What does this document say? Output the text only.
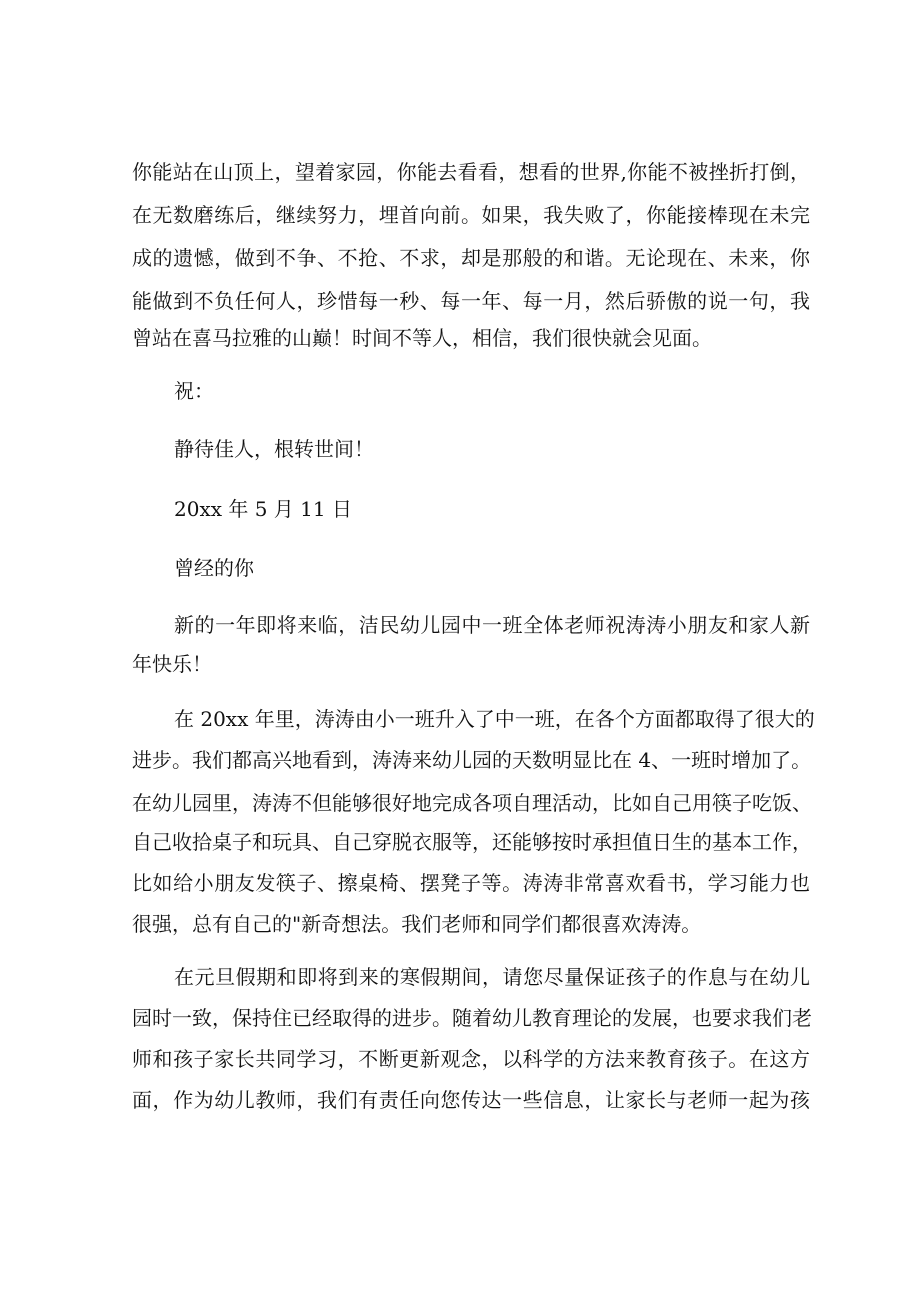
你能站在山顶上，望着家园，你能去看看，想看的世界,你能不被挫折打倒，
在无数磨练后，继续努力，埋首向前。如果，我失败了，你能接棒现在未完
成的遗憾，做到不争、不抢、不求，却是那般的和谐。无论现在、未来，你
能做到不负任何人，珍惜每一秒、每一年、每一月，然后骄傲的说一句，我
曾站在喜马拉雅的山巅！时间不等人，相信，我们很快就会见面。
祝：
静待佳人，根转世间！
20xx 年 5 月 11 日
曾经的你
新的一年即将来临，洁民幼儿园中一班全体老师祝涛涛小朋友和家人新
年快乐！
在 20xx 年里，涛涛由小一班升入了中一班，在各个方面都取得了很大的
进步。我们都高兴地看到，涛涛来幼儿园的天数明显比在 4、一班时增加了。
在幼儿园里，涛涛不但能够很好地完成各项自理活动，比如自己用筷子吃饭、
自己收拾桌子和玩具、自己穿脱衣服等，还能够按时承担值日生的基本工作，
比如给小朋友发筷子、擦桌椅、摆凳子等。涛涛非常喜欢看书，学习能力也
很强，总有自己的"新奇想法。我们老师和同学们都很喜欢涛涛。
在元旦假期和即将到来的寒假期间，请您尽量保证孩子的作息与在幼儿
园时一致，保持住已经取得的进步。随着幼儿教育理论的发展，也要求我们老
师和孩子家长共同学习，不断更新观念，以科学的方法来教育孩子。在这方
面，作为幼儿教师，我们有责任向您传达一些信息，让家长与老师一起为孩
